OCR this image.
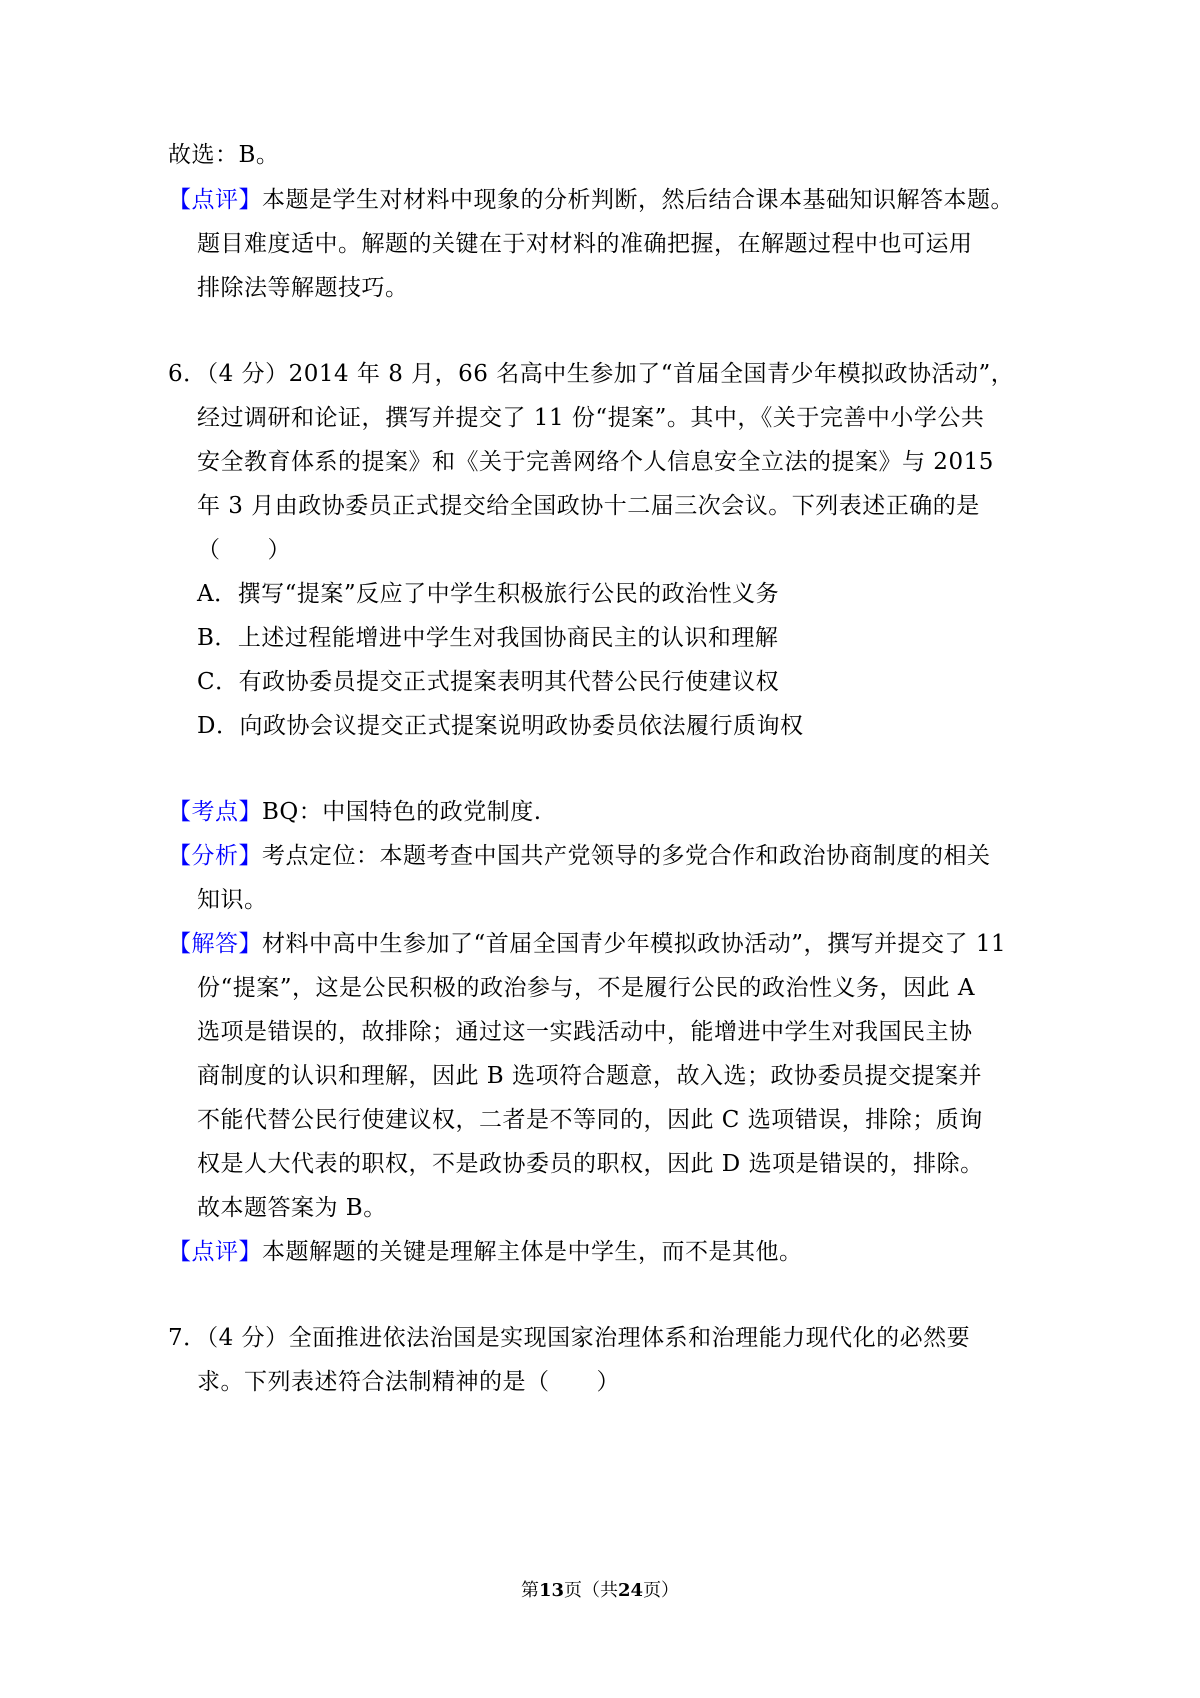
故选：B。
【点评】本题是学生对材料中现象的分析判断，然后结合课本基础知识解答本题。
题目难度适中。解题的关键在于对材料的准确把握，在解题过程中也可运用
排除法等解题技巧。
6．（4 分）2014 年 8 月，66 名高中生参加了“首届全国青少年模拟政协活动”，
经过调研和论证，撰写并提交了 11 份“提案”。其中，《关于完善中小学公共
安全教育体系的提案》和《关于完善网络个人信息安全立法的提案》与 2015
年 3 月由政协委员正式提交给全国政协十二届三次会议。下列表述正确的是
（　　）
A．撰写“提案”反应了中学生积极旅行公民的政治性义务
B．上述过程能增进中学生对我国协商民主的认识和理解
C．有政协委员提交正式提案表明其代替公民行使建议权
D．向政协会议提交正式提案说明政协委员依法履行质询权
【考点】BQ：中国特色的政党制度.
【分析】考点定位：本题考查中国共产党领导的多党合作和政治协商制度的相关
知识。
【解答】材料中高中生参加了“首届全国青少年模拟政协活动”，撰写并提交了 11
份“提案”，这是公民积极的政治参与，不是履行公民的政治性义务，因此 A
选项是错误的，故排除；通过这一实践活动中，能增进中学生对我国民主协
商制度的认识和理解，因此 B 选项符合题意，故入选；政协委员提交提案并
不能代替公民行使建议权，二者是不等同的，因此 C 选项错误，排除；质询
权是人大代表的职权，不是政协委员的职权，因此 D 选项是错误的，排除。
故本题答案为 B。
【点评】本题解题的关键是理解主体是中学生，而不是其他。
7．（4 分）全面推进依法治国是实现国家治理体系和治理能力现代化的必然要
求。下列表述符合法制精神的是（　　）
第13页（共24页）
